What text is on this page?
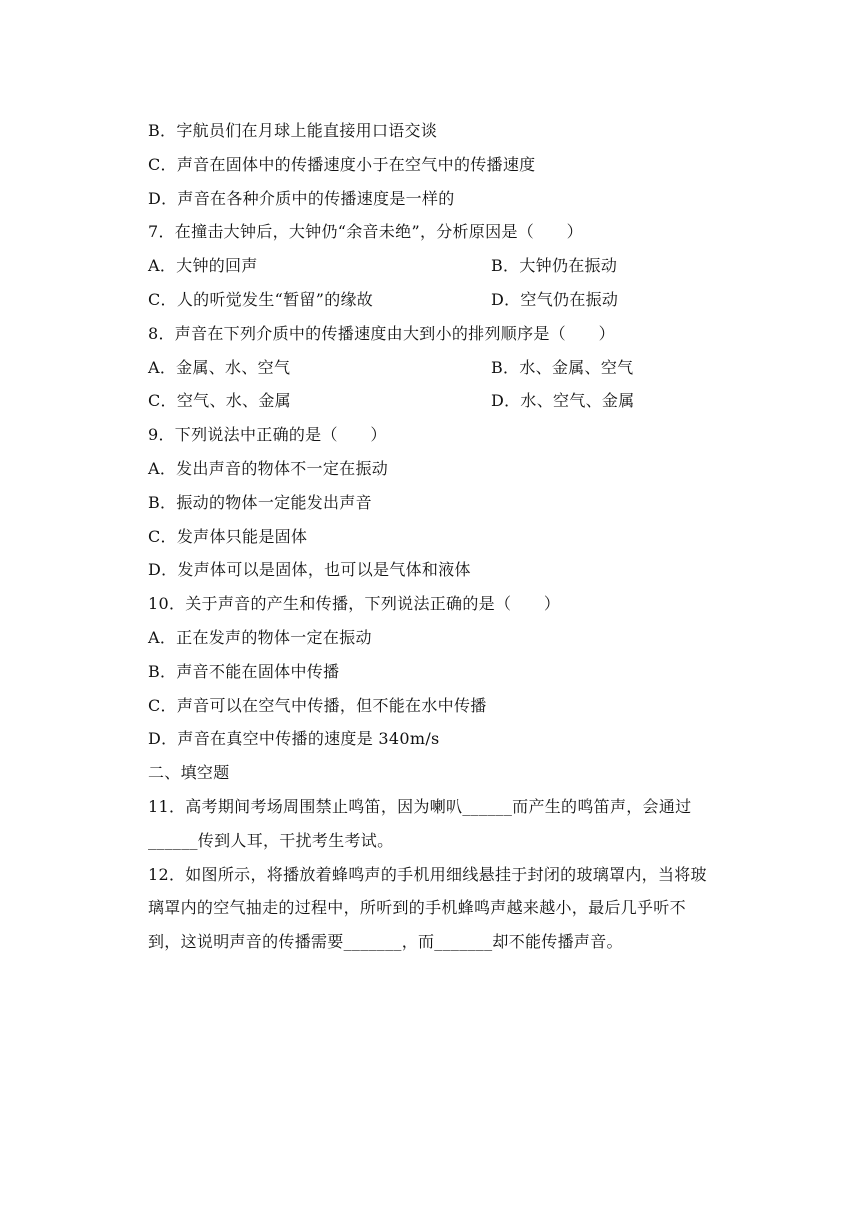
B．字航员们在月球上能直接用口语交谈
C．声音在固体中的传播速度小于在空气中的传播速度
D．声音在各种介质中的传播速度是一样的
7．在撞击大钟后，大钟仍“余音未绝”，分析原因是（　　）
A．大钟的回声	B．大钟仍在振动
C．人的听觉发生“暂留”的缘故	D．空气仍在振动
8．声音在下列介质中的传播速度由大到小的排列顺序是（　　）
A．金属、水、空气	B．水、金属、空气
C．空气、水、金属	D．水、空气、金属
9．下列说法中正确的是（　　）
A．发出声音的物体不一定在振动
B．振动的物体一定能发出声音
C．发声体只能是固体
D．发声体可以是固体，也可以是气体和液体
10．关于声音的产生和传播，下列说法正确的是（　　）
A．正在发声的物体一定在振动
B．声音不能在固体中传播
C．声音可以在空气中传播，但不能在水中传播
D．声音在真空中传播的速度是 340m/s
二、填空题
11．高考期间考场周围禁止鸣笛，因为喇叭______而产生的鸣笛声，会通过______传到人耳，干扰考生考试。
12．如图所示，将播放着蜂鸣声的手机用细线悬挂于封闭的玻璃罩内，当将玻璃罩内的空气抽走的过程中，所听到的手机蜂鸣声越来越小，最后几乎听不到，这说明声音的传播需要_______，而_______却不能传播声音。
